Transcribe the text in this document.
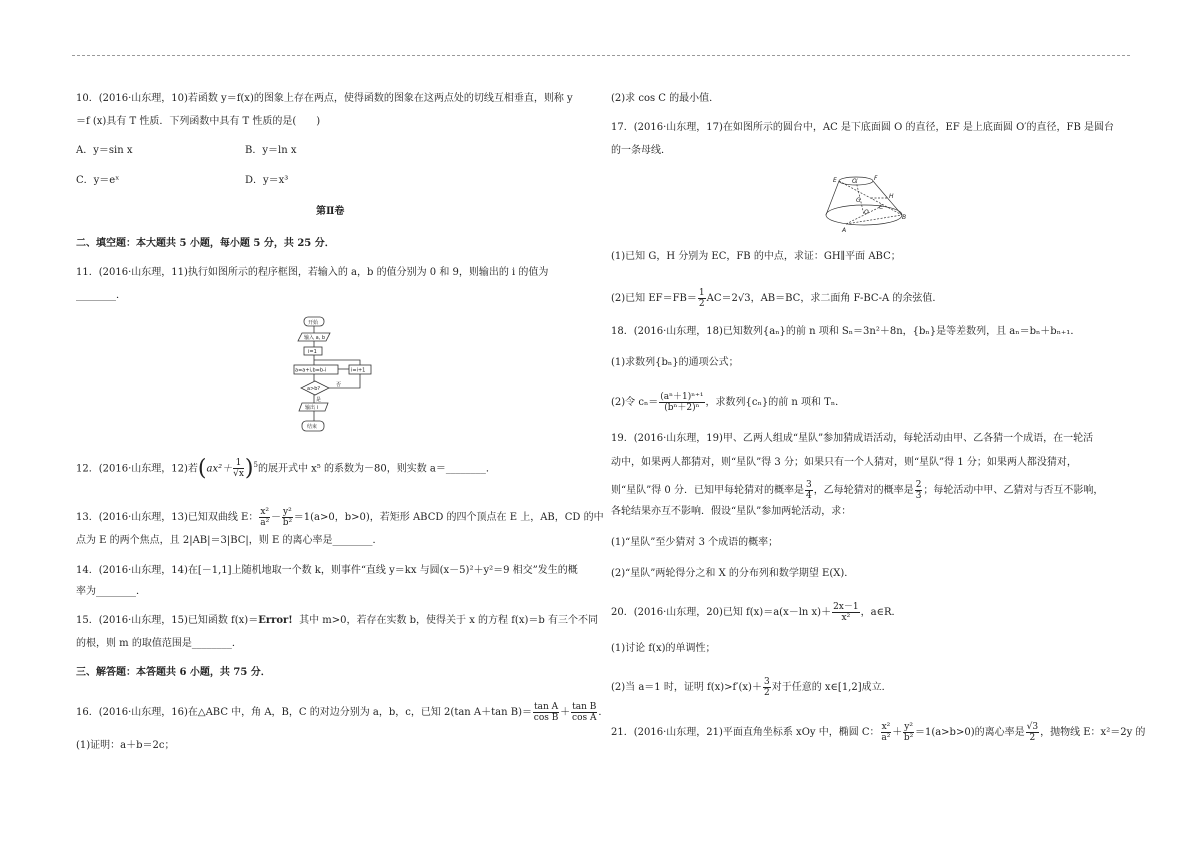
10．(2016·山东理，10)若函数 y＝f(x)的图象上存在两点，使得函数的图象在这两点处的切线互相垂直，则称 y
＝f (x)具有 T 性质．下列函数中具有 T 性质的是(　　)
A．y＝sin x	B．y＝ln x
C．y＝eˣ	D．y＝x³
第Ⅱ卷
二、填空题：本大题共 5 小题，每小题 5 分，共 25 分．
11．(2016·山东理，11)执行如图所示的程序框图，若输入的 a，b 的值分别为 0 和 9，则输出的 i 的值为
________．
开始
输入 a, b
i=1
a=a+i,b=b-i	i=i+1
a>b?
否
是
输出 i
结束
12．(2016·山东理，12)若$(ax^2+ \frac{1}{√x} )^5$的展开式中 x⁵ 的系数为－80，则实数 a＝________．
13．(2016·山东理，13)已知双曲线 E： $\frac{\text{x²}}{\text{a²}} - \frac{\text{y²}}{\text{b²}} =1(a>0$，b>0)，若矩形 ABCD 的四个顶点在 E 上，AB，CD 的中
点为 E 的两个焦点，且 2|AB|＝3|BC|，则 E 的离心率是________．
14．(2016·山东理，14)在[－1,1]上随机地取一个数 k，则事件“直线 y＝kx 与圆(x－5)²＋y²＝9 相交”发生的概
率为________．
15．(2016·山东理，15)已知函数 f(x)＝Error! 其中 m>0，若存在实数 b，使得关于 x 的方程 f(x)＝b 有三个不同
的根，则 m 的取值范围是________．
三、解答题：本答题共 6 小题，共 75 分．
16．(2016·山东理，16)在△ABC 中，角 A，B，C 的对边分别为 a，b，c，已知 2(tan A＋tan $B)= \frac{\text{tan A}}{\text{cos B}} + \frac{\text{tan B}}{\text{cos A}}$ ．
(1)证明：a＋b＝2c；
(2)求 cos C 的最小值．
17．(2016·山东理，17)在如图所示的圆台中，AC 是下底面圆 O 的直径，EF 是上底面圆 O′的直径，FB 是圆台
的一条母线．
E	O′	F
G
H
C
O
B
A
(1)已知 G，H 分别为 EC，FB 的中点，求证：GH∥平面 ABC；
(2)已知 $EF=FB= \frac{1}{2} AC=2√3$，AB＝BC，求二面角 F-BC-A 的余弦值．
18．(2016·山东理，18)已知数列{aₙ}的前 n 项和 Sₙ＝3n²＋8n，{bₙ}是等差数列，且 aₙ＝bₙ＋bₙ₊₁．
(1)求数列{bₙ}的通项公式；
(2)令 $c_n= \frac{\text{(aⁿ＋1)ⁿ⁺¹}}{\text{(bⁿ＋2)ⁿ}}$ ，求数列{cₙ}的前 n 项和 Tₙ．
19．(2016·山东理，19)甲、乙两人组成“星队”参加猜成语活动，每轮活动由甲、乙各猜一个成语，在一轮活
动中，如果两人都猜对，则“星队”得 3 分；如果只有一个人猜对，则“星队”得 1 分；如果两人都没猜对，
则“星队”得 0 分．已知甲每轮猜对的概率是 $\frac{3}{4}$ ，乙每轮猜对的概率是 $\frac{2}{3}$ ；每轮活动中甲、乙猜对与否互不影响，
各轮结果亦互不影响．假设“星队”参加两轮活动，求：
(1)“星队”至少猜对 3 个成语的概率；
(2)“星队”两轮得分之和 X 的分布列和数学期望 E(X)．
20．(2016·山东理，20)已知 f(x)＝a(x－ln $x)+ \frac{2x-1}{\text{x²}}$ ，a∈R．
(1)讨论 f(x)的单调性；
(2)当 a＝1 时，证明 $f(x)>f'(x)+ \frac{3}{2}$ 对于任意的 x∈[1,2]成立．
21．(2016·山东理，21)平面直角坐标系 xOy 中，椭圆 C： $\frac{\text{x²}}{\text{a²}} + \frac{\text{y²}}{\text{b²}} =1(a>b>0)$的离心率是 $\frac{√3}{2}$ ，抛物线 E：x²＝2y 的
